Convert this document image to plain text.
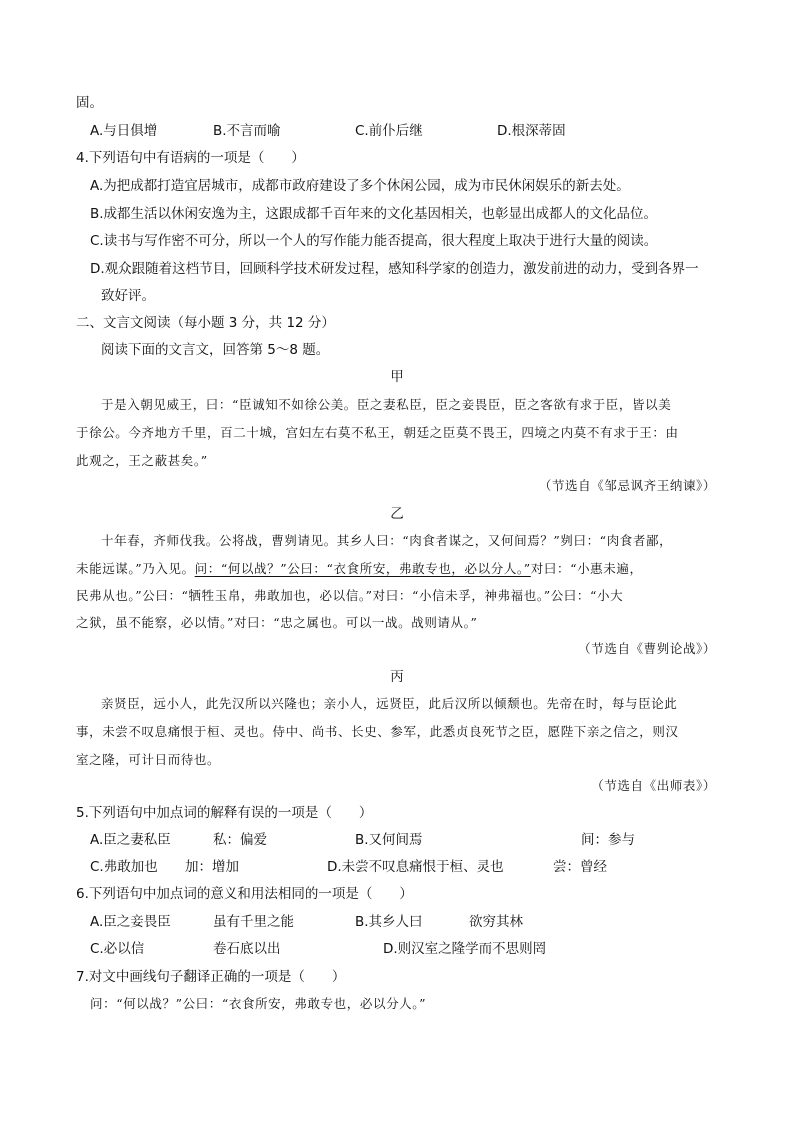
固。
A.与日俱增	B.不言而喻	C.前仆后继	D.根深蒂固
4.下列语句中有语病的一项是（　　）
A.为把成都打造宜居城市，成都市政府建设了多个休闲公园，成为市民休闲娱乐的新去处。
B.成都生活以休闲安逸为主，这跟成都千百年来的文化基因相关，也彰显出成都人的文化品位。
C.读书与写作密不可分，所以一个人的写作能力能否提高，很大程度上取决于进行大量的阅读。
D.观众跟随着这档节目，回顾科学技术研发过程，感知科学家的创造力，激发前进的动力，受到各界一
致好评。
二、文言文阅读（每小题 3 分，共 12 分）
阅读下面的文言文，回答第 5～8 题。
甲
于是入朝见威王，曰：“臣诚知不如徐公美。臣之妻私臣，臣之妾畏臣，臣之客欲有求于臣，皆以美
于徐公。今齐地方千里，百二十城，宫妇左右莫不私王，朝廷之臣莫不畏王，四境之内莫不有求于王：由
此观之，王之蔽甚矣。”
（节选自《邹忌讽齐王纳谏》）
乙
十年春，齐师伐我。公将战，曹刿请见。其乡人曰：“肉食者谋之，又何间焉？”刿曰：“肉食者鄙，
未能远谋。”乃入见。问：“何以战？”公曰：“衣食所安，弗敢专也，必以分人。”对曰：“小惠未遍，
民弗从也。”公曰：“牺牲玉帛，弗敢加也，必以信。”对曰：“小信未孚，神弗福也。”公曰：“小大
之狱，虽不能察，必以情。”对曰：“忠之属也。可以一战。战则请从。”
（节选自《曹刿论战》）
丙
亲贤臣，远小人，此先汉所以兴隆也；亲小人，远贤臣，此后汉所以倾颓也。先帝在时，每与臣论此
事，未尝不叹息痛恨于桓、灵也。侍中、尚书、长史、参军，此悉贞良死节之臣，愿陛下亲之信之，则汉
室之隆，可计日而待也。
（节选自《出师表》）
5.下列语句中加点词的解释有误的一项是（　　）
A.臣之妻私臣	私：偏爱	B.又何间焉	间：参与
C.弗敢加也 加：增加	D.未尝不叹息痛恨于桓、灵也	尝：曾经
6.下列语句中加点词的意义和用法相同的一项是（　　）
A.臣之妾畏臣	虽有千里之能	B.其乡人曰	欲穷其林
C.必以信	卷石底以出	D.则汉室之隆学而不思则罔
7.对文中画线句子翻译正确的一项是（　　）
问：“何以战？”公曰：“衣食所安，弗敢专也，必以分人。”
